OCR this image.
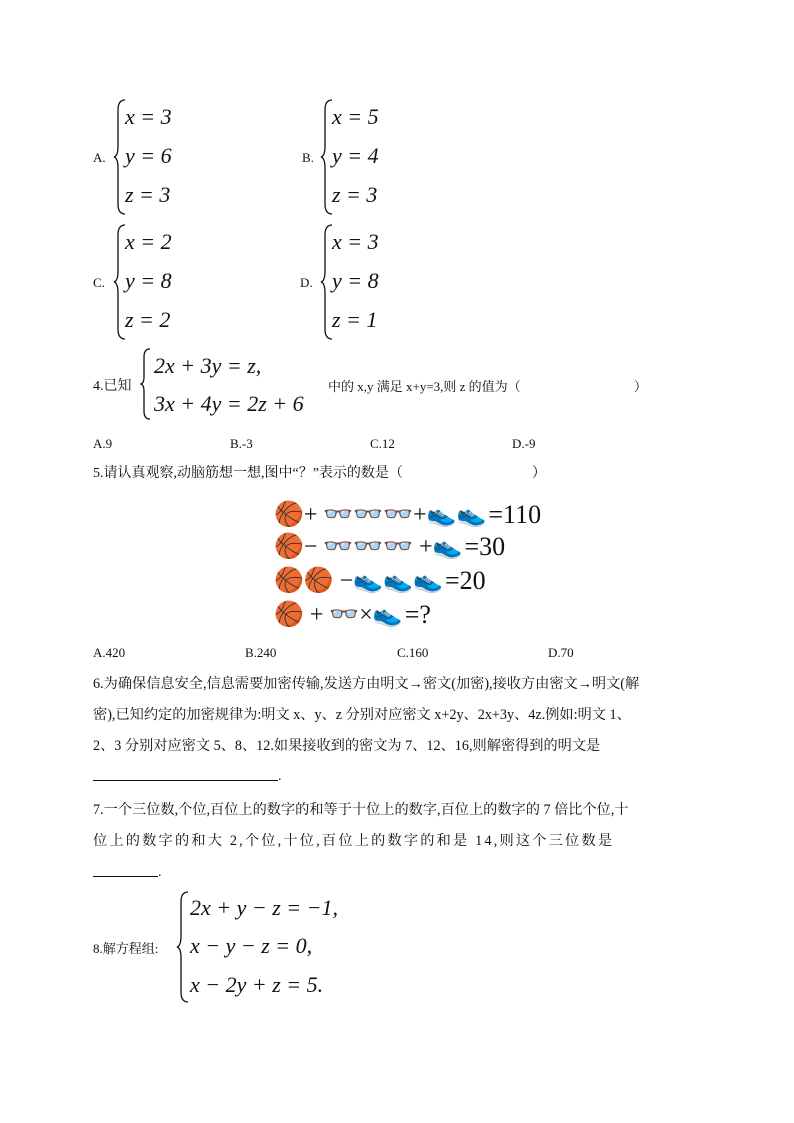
A.
x = 3
y = 6
z = 3
B.
x = 5
y = 4
z = 3
C.
x = 2
y = 8
z = 2
D.
x = 3
y = 8
z = 1
4.已知
2x + 3y = z,
3x + 4y = 2z + 6
中的 x,y 满足 x+y=3,则 z 的值为（	）
A.9	B.-3	C.12	D.-9
5.请认真观察,动脑筋想一想,图中“？”表示的数是（	）
🏀+ 👓👓👓+👟👟 =110
🏀− 👓👓👓 +👟 =30
🏀🏀 −👟👟👟 =20
🏀 + 👓×👟 =?
A.420	B.240	C.160	D.70
6.为确保信息安全,信息需要加密传输,发送方由明文→密文(加密),接收方由密文→明文(解
密),已知约定的加密规律为:明文 x、y、z 分别对应密文 x+2y、2x+3y、4z.例如:明文 1、
2、3 分别对应密文 5、8、12.如果接收到的密文为 7、12、16,则解密得到的明文是
.
7.一个三位数,个位,百位上的数字的和等于十位上的数字,百位上的数字的 7 倍比个位,十
位上的数字的和大 2,个位,十位,百位上的数字的和是 14,则这个三位数是
.
8.解方程组:
2x + y − z = −1,
x − y − z = 0,
x − 2y + z = 5.
